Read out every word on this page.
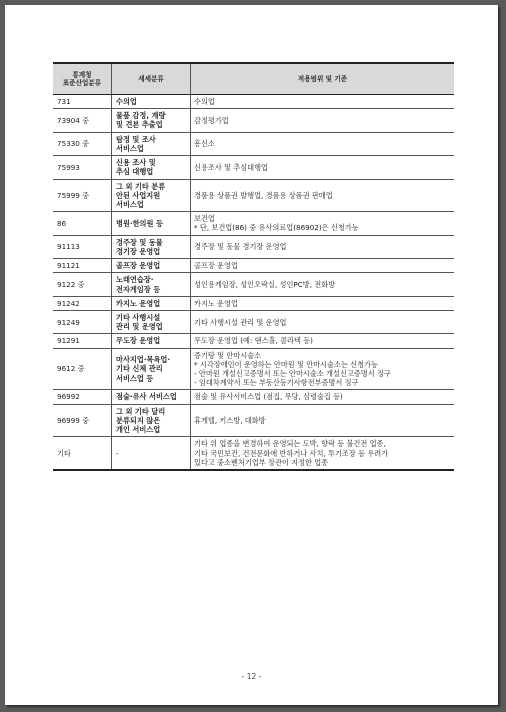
통계청
표준산업분류	세세분류	적용범위 및 기준
731	수의업	수의업

73904 중	물품 감정, 계량
및 견본 추출업	감정평가업

75330 중	탐정 및 조사
서비스업	흥신소

75993	신용 조사 및
추심 대행업	신용조사 및 추심대행업

75999 중	그 외 기타 분류
안된 사업지원
서비스업	경품용 상품권 발행업, 경품용 상품권 판매업

86	병원·한의원 등	보건업
* 단, 보건업(86) 중 유사의료업(86902)은 신청가능

91113	경주장 및 동물
경기장 운영업	경주장 및 동물 경기장 운영업

91121	골프장 운영업	골프장 운영업

9122 중	노래연습장·
전자게임장 등	성인용게임장, 성인오락실, 성인PC방, 전화방

91242	카지노 운영업	카지노 운영업

91249	기타 사행시설
관리 및 운영업	기타 사행시설 관리 및 운영업

91291	무도장 운영업	무도장 운영업 (예: 댄스홀, 콜라텍 등)

9612 중	마사지업·목욕업·
기타 신체 관리
서비스업 등	증기탕 및 안마시술소
* 시각장애인이 운영하는 안마원 및 안마시술소는 신청가능
- 안마원 개설신고증명서 또는 안마시술소 개설신고증명서 징구
- 임대차계약서 또는 부동산등기사항전부증명서 징구

96992	점술·유사 서비스업	점술 및 유사서비스업 (점집, 무당, 심령술집 등)

96999 중	그 외 기타 달리
분류되지 않은
개인 서비스업	휴게텔, 키스방, 대화방

기타	-	기타 위 업종을 변경하여 운영되는 도박, 향락 등 불건전 업종,
기타 국민보건, 건전문화에 반하거나 사치, 투기조장 등 우려가
있다고 중소벤처기업부 장관이 지정한 업종
- 12 -
